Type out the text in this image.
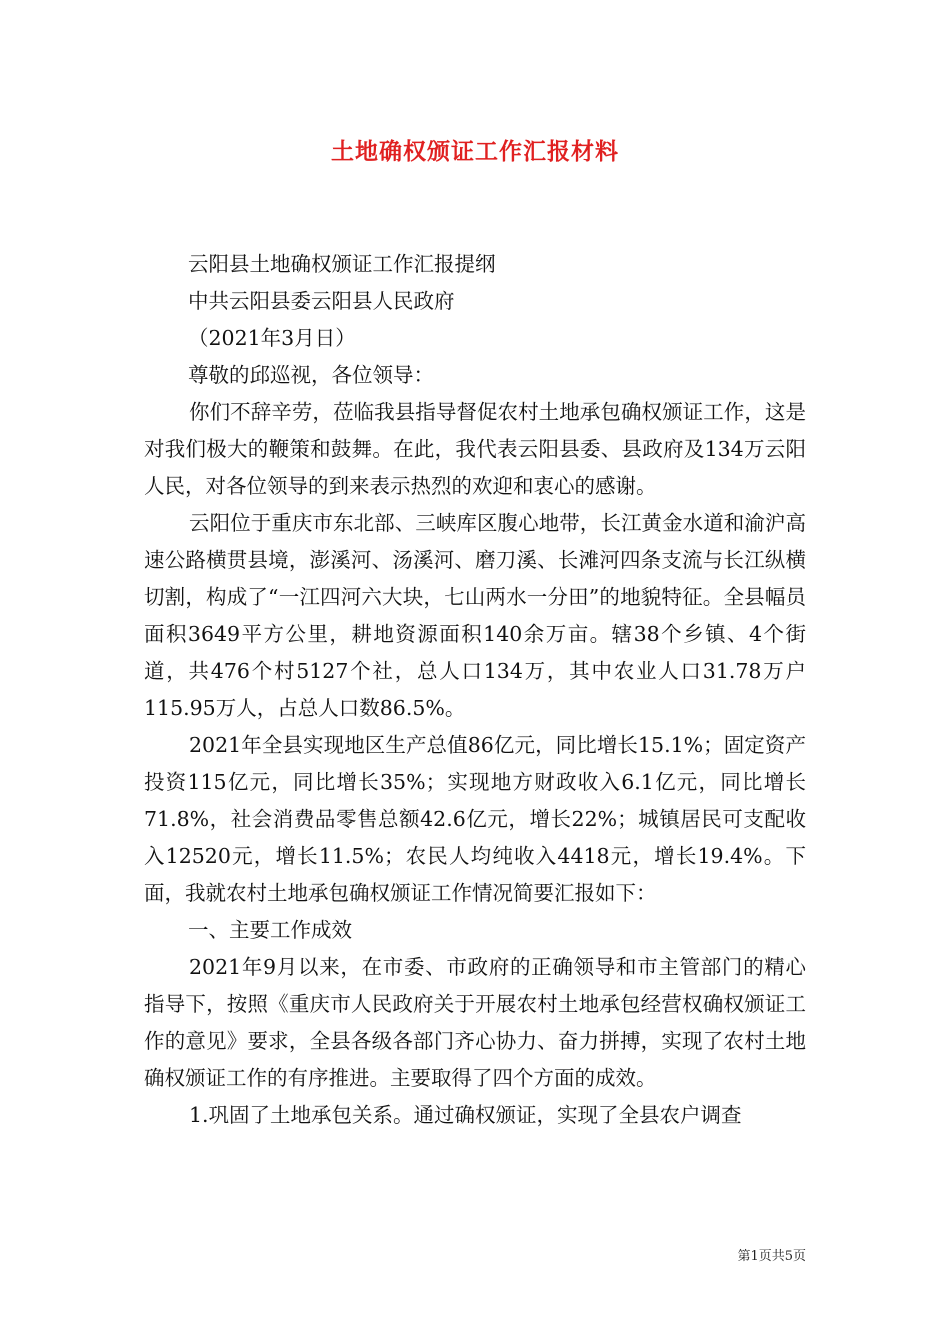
土地确权颁证工作汇报材料

云阳县土地确权颁证工作汇报提纲

中共云阳县委云阳县人民政府

（2021年3月日）

尊敬的邱巡视，各位领导：

你们不辞辛劳，莅临我县指导督促农村土地承包确权颁证工作，这是对我们极大的鞭策和鼓舞。在此，我代表云阳县委、县政府及134万云阳人民，对各位领导的到来表示热烈的欢迎和衷心的感谢。

云阳位于重庆市东北部、三峡库区腹心地带，长江黄金水道和渝沪高速公路横贯县境，澎溪河、汤溪河、磨刀溪、长滩河四条支流与长江纵横切割，构成了“一江四河六大块，七山两水一分田”的地貌特征。全县幅员面积3649平方公里，耕地资源面积140余万亩。辖38个乡镇、4个街道，共476个村5127个社，总人口134万，其中农业人口31.78万户115.95万人，占总人口数86.5%。

2021年全县实现地区生产总值86亿元，同比增长15.1%；固定资产投资115亿元，同比增长35%；实现地方财政收入6.1亿元，同比增长71.8%，社会消费品零售总额42.6亿元，增长22%；城镇居民可支配收入12520元，增长11.5%；农民人均纯收入4418元，增长19.4%。下面，我就农村土地承包确权颁证工作情况简要汇报如下：

一、主要工作成效

2021年9月以来，在市委、市政府的正确领导和市主管部门的精心指导下，按照《重庆市人民政府关于开展农村土地承包经营权确权颁证工作的意见》要求，全县各级各部门齐心协力、奋力拼搏，实现了农村土地确权颁证工作的有序推进。主要取得了四个方面的成效。

1.巩固了土地承包关系。通过确权颁证，实现了全县农户调查

第1页共5页
